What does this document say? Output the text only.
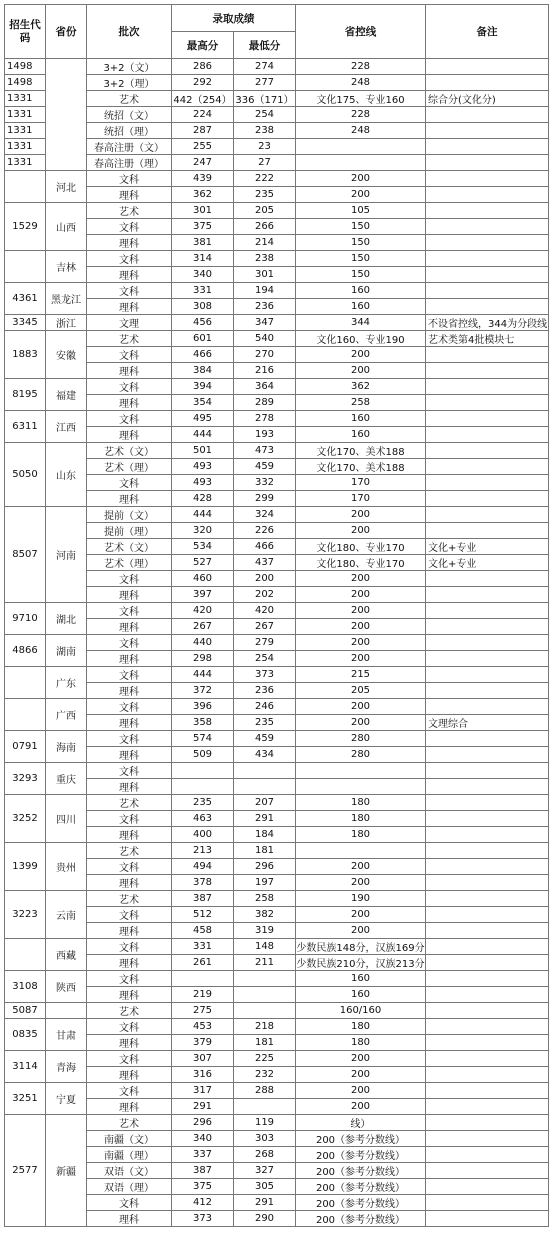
招生代码	省份	批次	录取成绩		省控线	备注
			最高分	最低分		
1498		3+2（文）	286	274	228	
1498		3+2（理）	292	277	248	
1331		艺术	442（254）	336（171）	文化175、专业160	综合分(文化分)
1331		统招（文）	224	254	228	
1331		统招（理）	287	238	248	
1331		春高注册（文）	255	23		
1331		春高注册（理）	247	27		
	河北	文科	439	222	200	
		理科	362	235	200	
1529	山西	艺术	301	205	105	
		文科	375	266	150	
		理科	381	214	150	
	吉林	文科	314	238	150	
		理科	340	301	150	
4361	黑龙江	文科	331	194	160	
		理科	308	236	160	
3345	浙江	文理	456	347	344	不设省控线，344为分段线
1883	安徽	艺术	601	540	文化160、专业190	艺术类第4批模块七
		文科	466	270	200	
		理科	384	216	200	
8195	福建	文科	394	364	362	
		理科	354	289	258	
6311	江西	文科	495	278	160	
		理科	444	193	160	
5050	山东	艺术（文）	501	473	文化170、美术188	
		艺术（理）	493	459	文化170、美术188	
		文科	493	332	170	
		理科	428	299	170	
8507	河南	提前（文）	444	324	200	
		提前（理）	320	226	200	
		艺术（文）	534	466	文化180、专业170	文化+专业
		艺术（理）	527	437	文化180、专业170	文化+专业
		文科	460	200	200	
		理科	397	202	200	
9710	湖北	文科	420	420	200	
		理科	267	267	200	
4866	湖南	文科	440	279	200	
		理科	298	254	200	
	广东	文科	444	373	215	
		理科	372	236	205	
	广西	文科	396	246	200	
		理科	358	235	200	文理综合
0791	海南	文科	574	459	280	
		理科	509	434	280	
3293	重庆	文科				
		理科				
3252	四川	艺术	235	207	180	
		文科	463	291	180	
		理科	400	184	180	
1399	贵州	艺术	213	181		
		文科	494	296	200	
		理科	378	197	200	
3223	云南	艺术	387	258	190	
		文科	512	382	200	
		理科	458	319	200	
	西藏	文科	331	148	少数民族148分，汉族169分	
		理科	261	211	少数民族210分，汉族213分	
3108	陕西	文科			160	
		理科	219		160	
5087		艺术	275		160/160	
0835	甘肃	文科	453	218	180	
		理科	379	181	180	
3114	青海	文科	307	225	200	
		理科	316	232	200	
3251	宁夏	文科	317	288	200	
		理科	291		200	
2577	新疆	艺术	296	119	线）	
		南疆（文）	340	303	200（参考分数线）	
		南疆（理）	337	268	200（参考分数线）	
		双语（文）	387	327	200（参考分数线）	
		双语（理）	375	305	200（参考分数线）	
		文科	412	291	200（参考分数线）	
		理科	373	290	200（参考分数线）	
